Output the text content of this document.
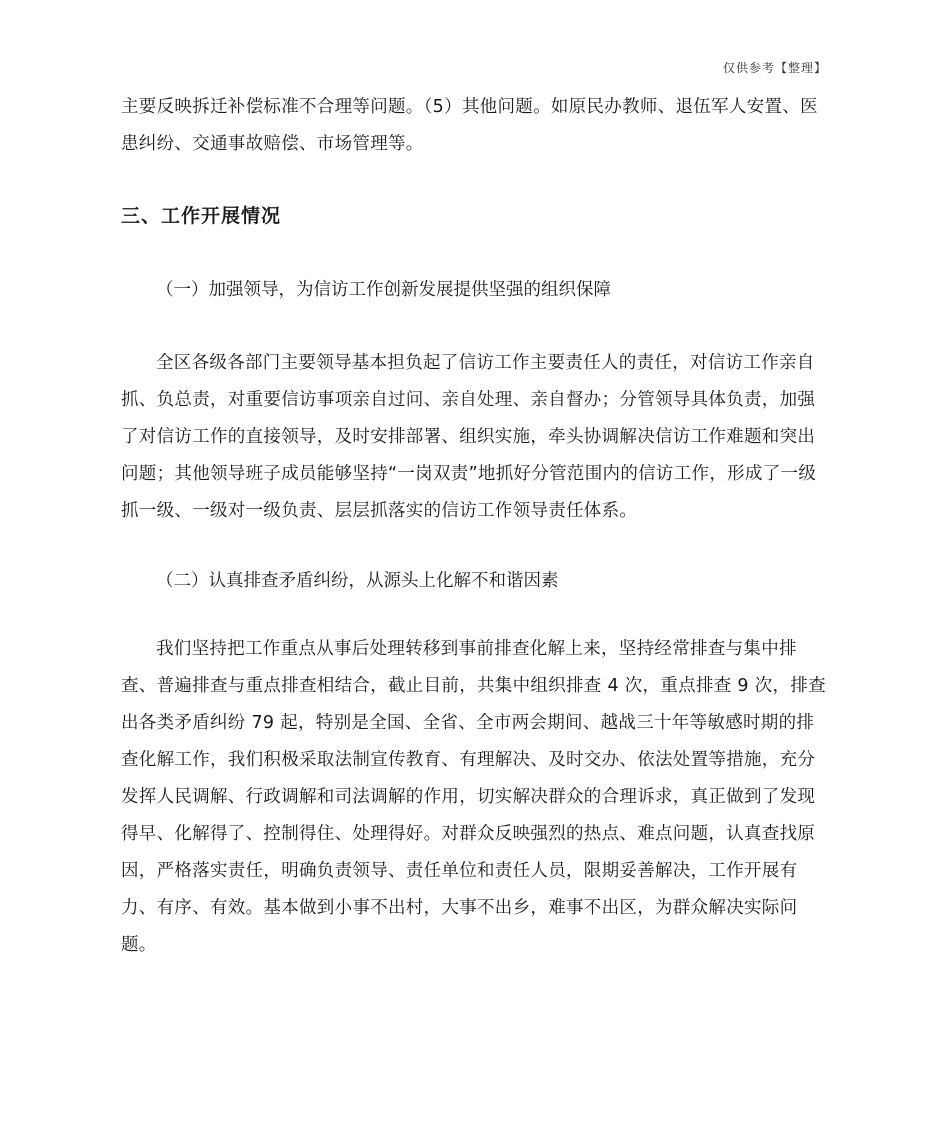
仅供参考【整理】

主要反映拆迁补偿标准不合理等问题。（5）其他问题。如原民办教师、退伍军人安置、医患纠纷、交通事故赔偿、市场管理等。

三、工作开展情况
（一）加强领导，为信访工作创新发展提供坚强的组织保障

全区各级各部门主要领导基本担负起了信访工作主要责任人的责任，对信访工作亲自抓、负总责，对重要信访事项亲自过问、亲自处理、亲自督办；分管领导具体负责，加强了对信访工作的直接领导，及时安排部署、组织实施，牵头协调解决信访工作难题和突出问题；其他领导班子成员能够坚持“一岗双责”地抓好分管范围内的信访工作，形成了一级抓一级、一级对一级负责、层层抓落实的信访工作领导责任体系。

（二）认真排查矛盾纠纷，从源头上化解不和谐因素

我们坚持把工作重点从事后处理转移到事前排查化解上来，坚持经常排查与集中排查、普遍排查与重点排查相结合，截止目前，共集中组织排查 4 次，重点排查 9 次，排查出各类矛盾纠纷 79 起，特别是全国、全省、全市两会期间、越战三十年等敏感时期的排查化解工作，我们积极采取法制宣传教育、有理解决、及时交办、依法处置等措施，充分发挥人民调解、行政调解和司法调解的作用，切实解决群众的合理诉求，真正做到了发现得早、化解得了、控制得住、处理得好。对群众反映强烈的热点、难点问题，认真查找原因，严格落实责任，明确负责领导、责任单位和责任人员，限期妥善解决，工作开展有力、有序、有效。基本做到小事不出村，大事不出乡，难事不出区，为群众解决实际问题。
